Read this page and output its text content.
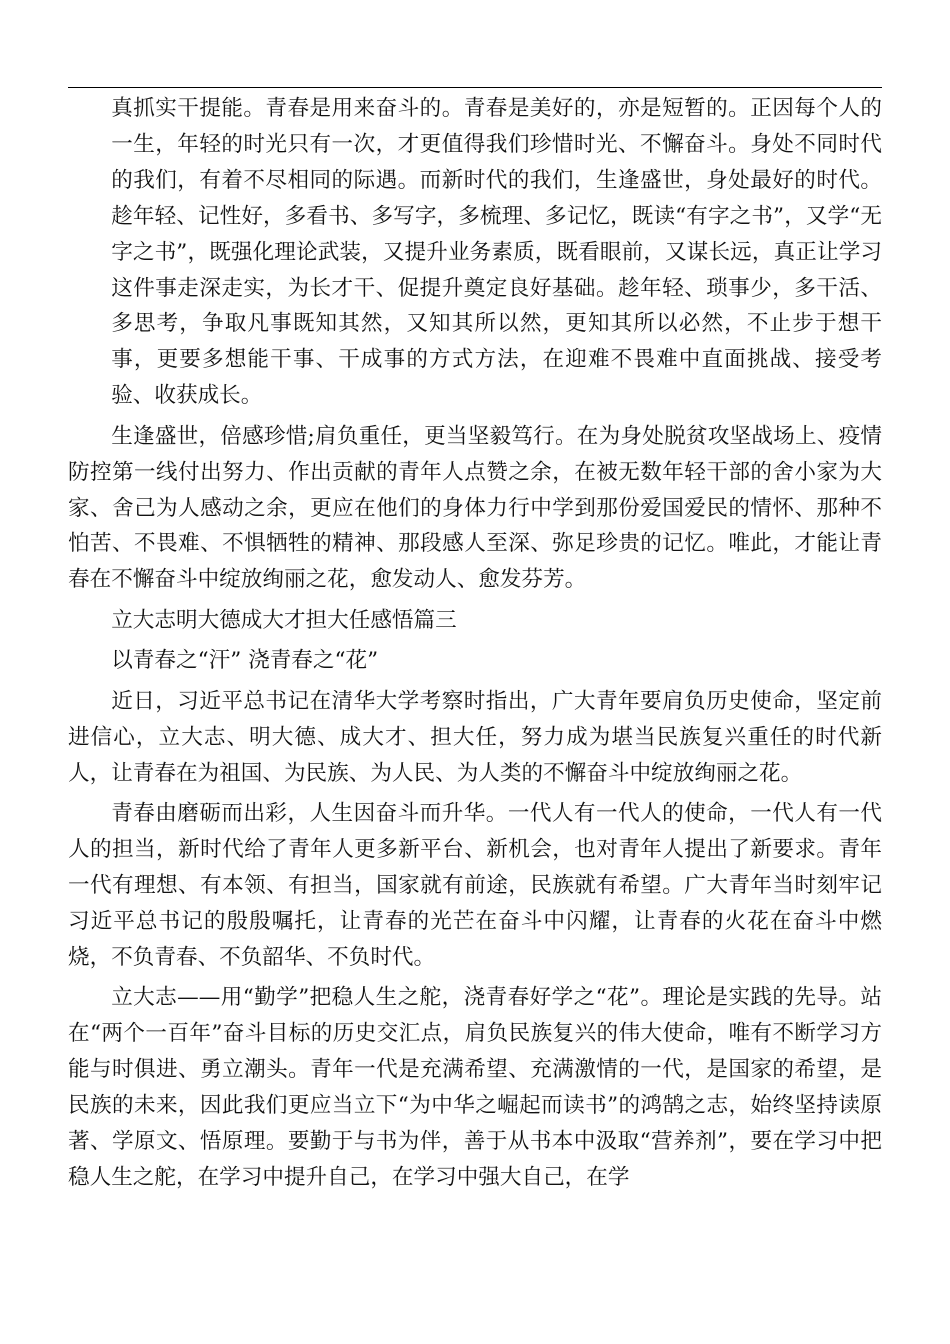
真抓实干提能。青春是用来奋斗的。青春是美好的，亦是短暂的。正因每个人的一生，年轻的时光只有一次，才更值得我们珍惜时光、不懈奋斗。身处不同时代的我们，有着不尽相同的际遇。而新时代的我们，生逢盛世，身处最好的时代。趁年轻、记性好，多看书、多写字，多梳理、多记忆，既读“有字之书”，又学“无字之书”，既强化理论武装，又提升业务素质，既看眼前，又谋长远，真正让学习这件事走深走实，为长才干、促提升奠定良好基础。趁年轻、琐事少，多干活、多思考，争取凡事既知其然，又知其所以然，更知其所以必然，不止步于想干事，更要多想能干事、干成事的方式方法，在迎难不畏难中直面挑战、接受考验、收获成长。

生逢盛世，倍感珍惜;肩负重任，更当坚毅笃行。在为身处脱贫攻坚战场上、疫情防控第一线付出努力、作出贡献的青年人点赞之余，在被无数年轻干部的舍小家为大家、舍己为人感动之余，更应在他们的身体力行中学到那份爱国爱民的情怀、那种不怕苦、不畏难、不惧牺牲的精神、那段感人至深、弥足珍贵的记忆。唯此，才能让青春在不懈奋斗中绽放绚丽之花，愈发动人、愈发芬芳。

立大志明大德成大才担大任感悟篇三

以青春之“汗” 浇青春之“花”

近日，习近平总书记在清华大学考察时指出，广大青年要肩负历史使命，坚定前进信心，立大志、明大德、成大才、担大任，努力成为堪当民族复兴重任的时代新人，让青春在为祖国、为民族、为人民、为人类的不懈奋斗中绽放绚丽之花。

青春由磨砺而出彩，人生因奋斗而升华。一代人有一代人的使命，一代人有一代人的担当，新时代给了青年人更多新平台、新机会，也对青年人提出了新要求。青年一代有理想、有本领、有担当，国家就有前途，民族就有希望。广大青年当时刻牢记习近平总书记的殷殷嘱托，让青春的光芒在奋斗中闪耀，让青春的火花在奋斗中燃烧，不负青春、不负韶华、不负时代。

立大志——用“勤学”把稳人生之舵，浇青春好学之“花”。理论是实践的先导。站在“两个一百年”奋斗目标的历史交汇点，肩负民族复兴的伟大使命，唯有不断学习方能与时俱进、勇立潮头。青年一代是充满希望、充满激情的一代，是国家的希望，是民族的未来，因此我们更应当立下“为中华之崛起而读书”的鸿鹄之志，始终坚持读原著、学原文、悟原理。要勤于与书为伴，善于从书本中汲取“营养剂”，要在学习中把稳人生之舵，在学习中提升自己，在学习中强大自己，在学
